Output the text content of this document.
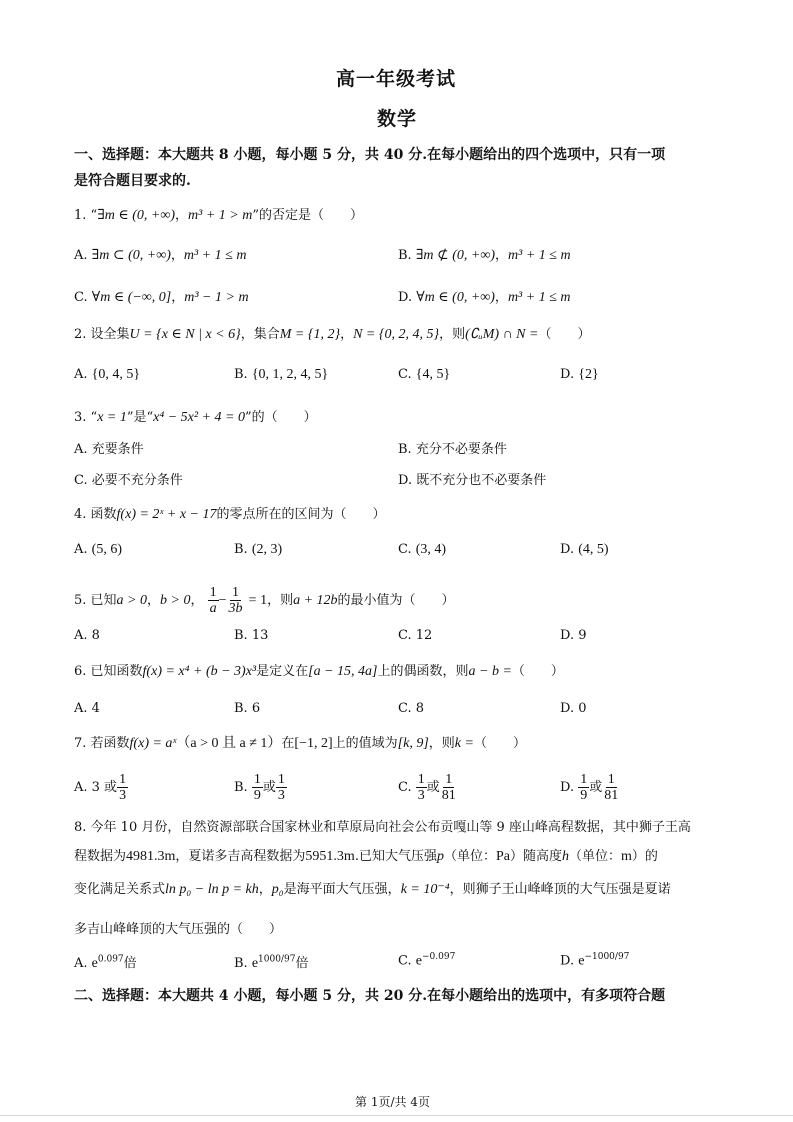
高一年级考试
数学
一、选择题：本大题共 8 小题，每小题 5 分，共 40 分.在每小题给出的四个选项中，只有一项
是符合题目要求的.
1. “∃m ∈ (0, +∞)，m³ + 1 > m”的否定是（　　）
A. ∃m ⊂ (0, +∞)，m³ + 1 ≤ m	B. ∃m ⊄ (0, +∞)，m³ + 1 ≤ m
C. ∀m ∈ (−∞, 0]，m³ − 1 > m	D. ∀m ∈ (0, +∞)，m³ + 1 ≤ m
2. 设全集U = {x ∈ N | x < 6}，集合M = {1, 2}，N = {0, 2, 4, 5}，则(∁ᵤM) ∩ N =（　　）
A. {0, 4, 5}	B. {0, 1, 2, 4, 5}	C. {4, 5}	D. {2}
3. “x = 1”是“x⁴ − 5x² + 4 = 0”的（　　）
A. 充要条件	B. 充分不必要条件
C. 必要不充分条件	D. 既不充分也不必要条件
4. 函数f(x) = 2ˣ + x − 17的零点所在的区间为（　　）
A. (5, 6)	B. (2, 3)	C. (3, 4)	D. (4, 5)
5. 已知a > 0，b > 0， $\frac{1}{a} - \frac{1}{3b} = 1$，则a + 12b的最小值为（　　）
A. 8	B. 13	C. 12	D. 9
6. 已知函数f(x) = x⁴ + (b − 3)x³是定义在[a − 15, 4a]上的偶函数，则a − b =（　　）
A. 4	B. 6	C. 8	D. 0
7. 若函数f(x) = aˣ（a > 0 且 a ≠ 1）在[−1, 2]上的值域为[k, 9]，则k =（　　）
A. 3 或 $\frac{1}{3}$	B. $\frac{1}{9}$ 或 $\frac{1}{3}$	C. $\frac{1}{3}$ 或 $\frac{1}{81}$	D. $\frac{1}{9}$ 或 $\frac{1}{81}$
8. 今年 10 月份，自然资源部联合国家林业和草原局向社会公布贡嘎山等 9 座山峰高程数据，其中狮子王高
程数据为4981.3m，夏诺多吉高程数据为5951.3m.已知大气压强p（单位：Pa）随高度h（单位：m）的
变化满足关系式ln p₀ − ln p = kh，p₀是海平面大气压强，k = 10⁻⁴，则狮子王山峰峰顶的大气压强是夏诺
多吉山峰峰顶的大气压强的（　　）
A. $e^{0.097}$倍	B. $e^{1000/97}$倍	C. $e^{-0.097}$	D. $e^{-1000/97}$
二、选择题：本大题共 4 小题，每小题 5 分，共 20 分.在每小题给出的选项中，有多项符合题
第 1页/共 4页
